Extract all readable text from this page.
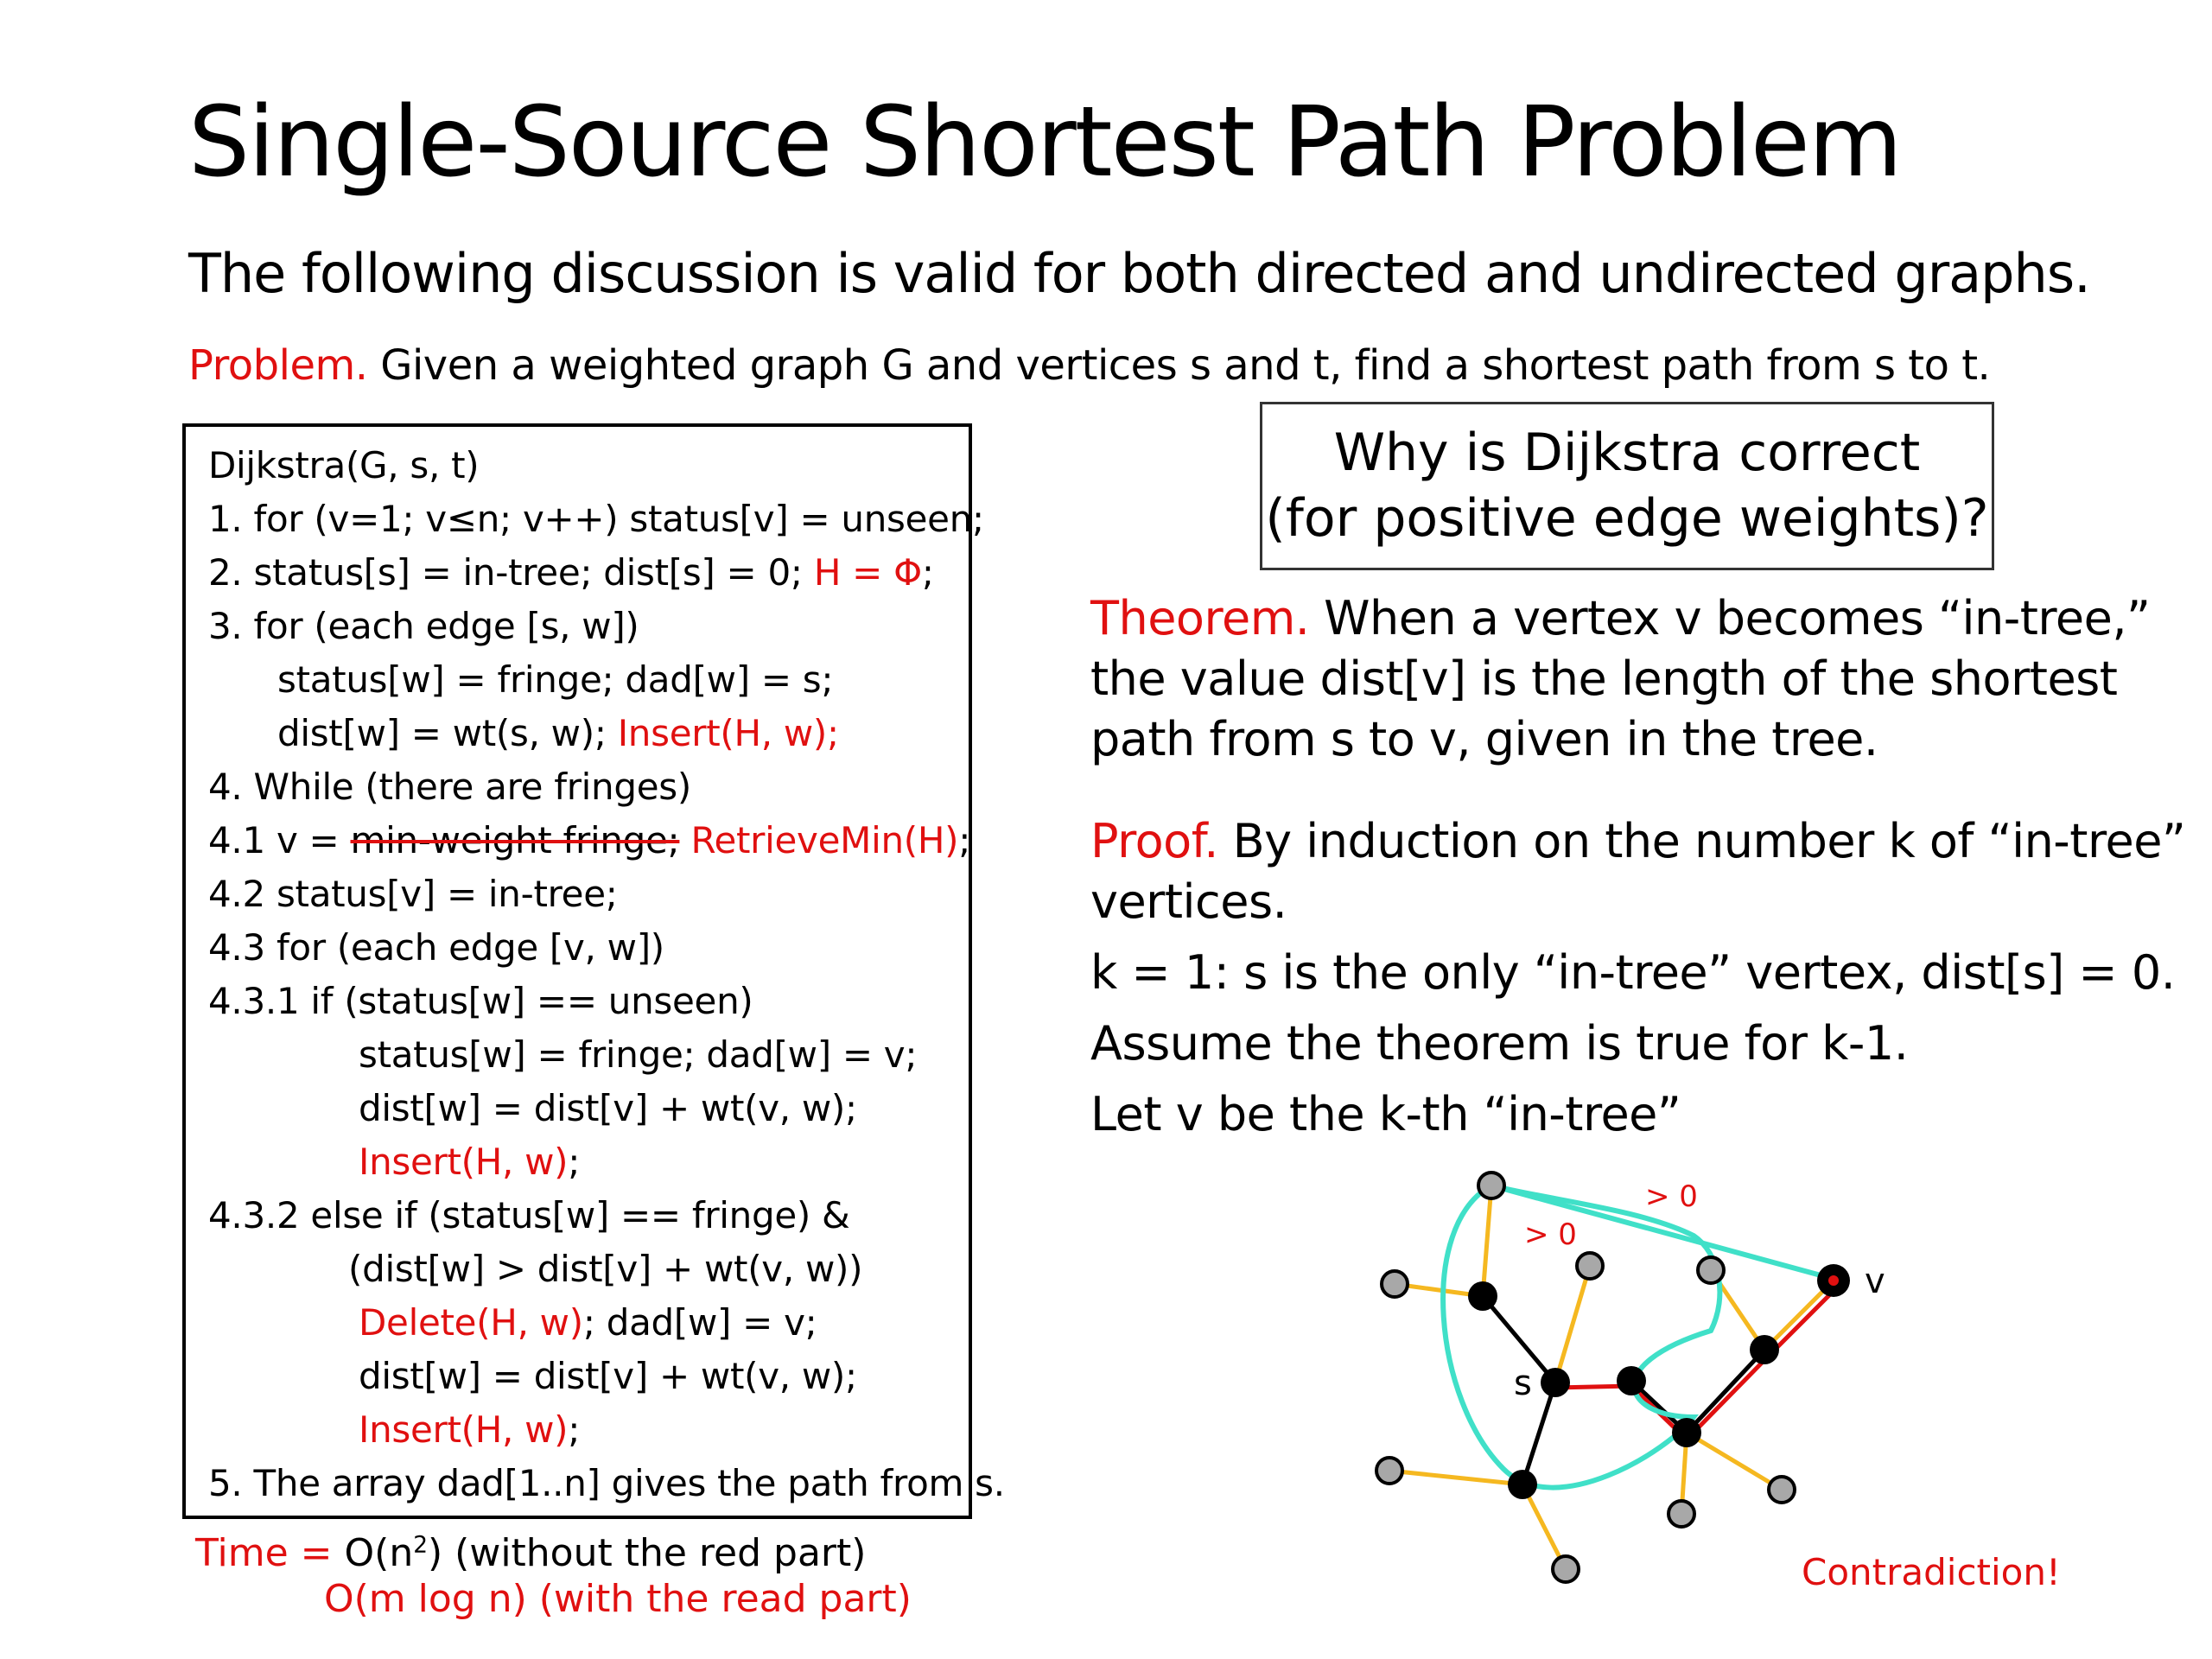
Single-Source Shortest Path Problem
The following discussion is valid for both directed and undirected graphs.
Problem. Given a weighted graph G and vertices s and t, find a shortest path from s to t.
Dijkstra(G, s, t)
1. for (v=1; v≤n; v++) status[v] = unseen;
2. status[s] = in-tree; dist[s] = 0; H = Φ;
3. for (each edge [s, w])
status[w] = fringe; dad[w] = s;
dist[w] = wt(s, w); Insert(H, w);
4. While (there are fringes)
4.1 v = min-weight fringe; RetrieveMin(H);
4.2 status[v] = in-tree;
4.3 for (each edge [v, w])
4.3.1 if (status[w] == unseen)
status[w] = fringe; dad[w] = v;
dist[w] = dist[v] + wt(v, w);
Insert(H, w);
4.3.2 else if (status[w] == fringe) &
(dist[w] > dist[v] + wt(v, w))
Delete(H, w); dad[w] = v;
dist[w] = dist[v] + wt(v, w);
Insert(H, w);
5. The array dad[1..n] gives the path from s.
Time = $O(n^2)$ (without the red part)
O(m log n) (with the read part)
Why is Dijkstra correct
(for positive edge weights)?
Theorem. When a vertex v becomes “in-tree,”
the value dist[v] is the length of the shortest
path from s to v, given in the tree.
Proof. By induction on the number k of “in-tree”
vertices.
k = 1: s is the only “in-tree” vertex, dist[s] = 0.
Assume the theorem is true for k-1.
Let v be the k-th “in-tree”
s
v
> 0
> 0
Contradiction!
